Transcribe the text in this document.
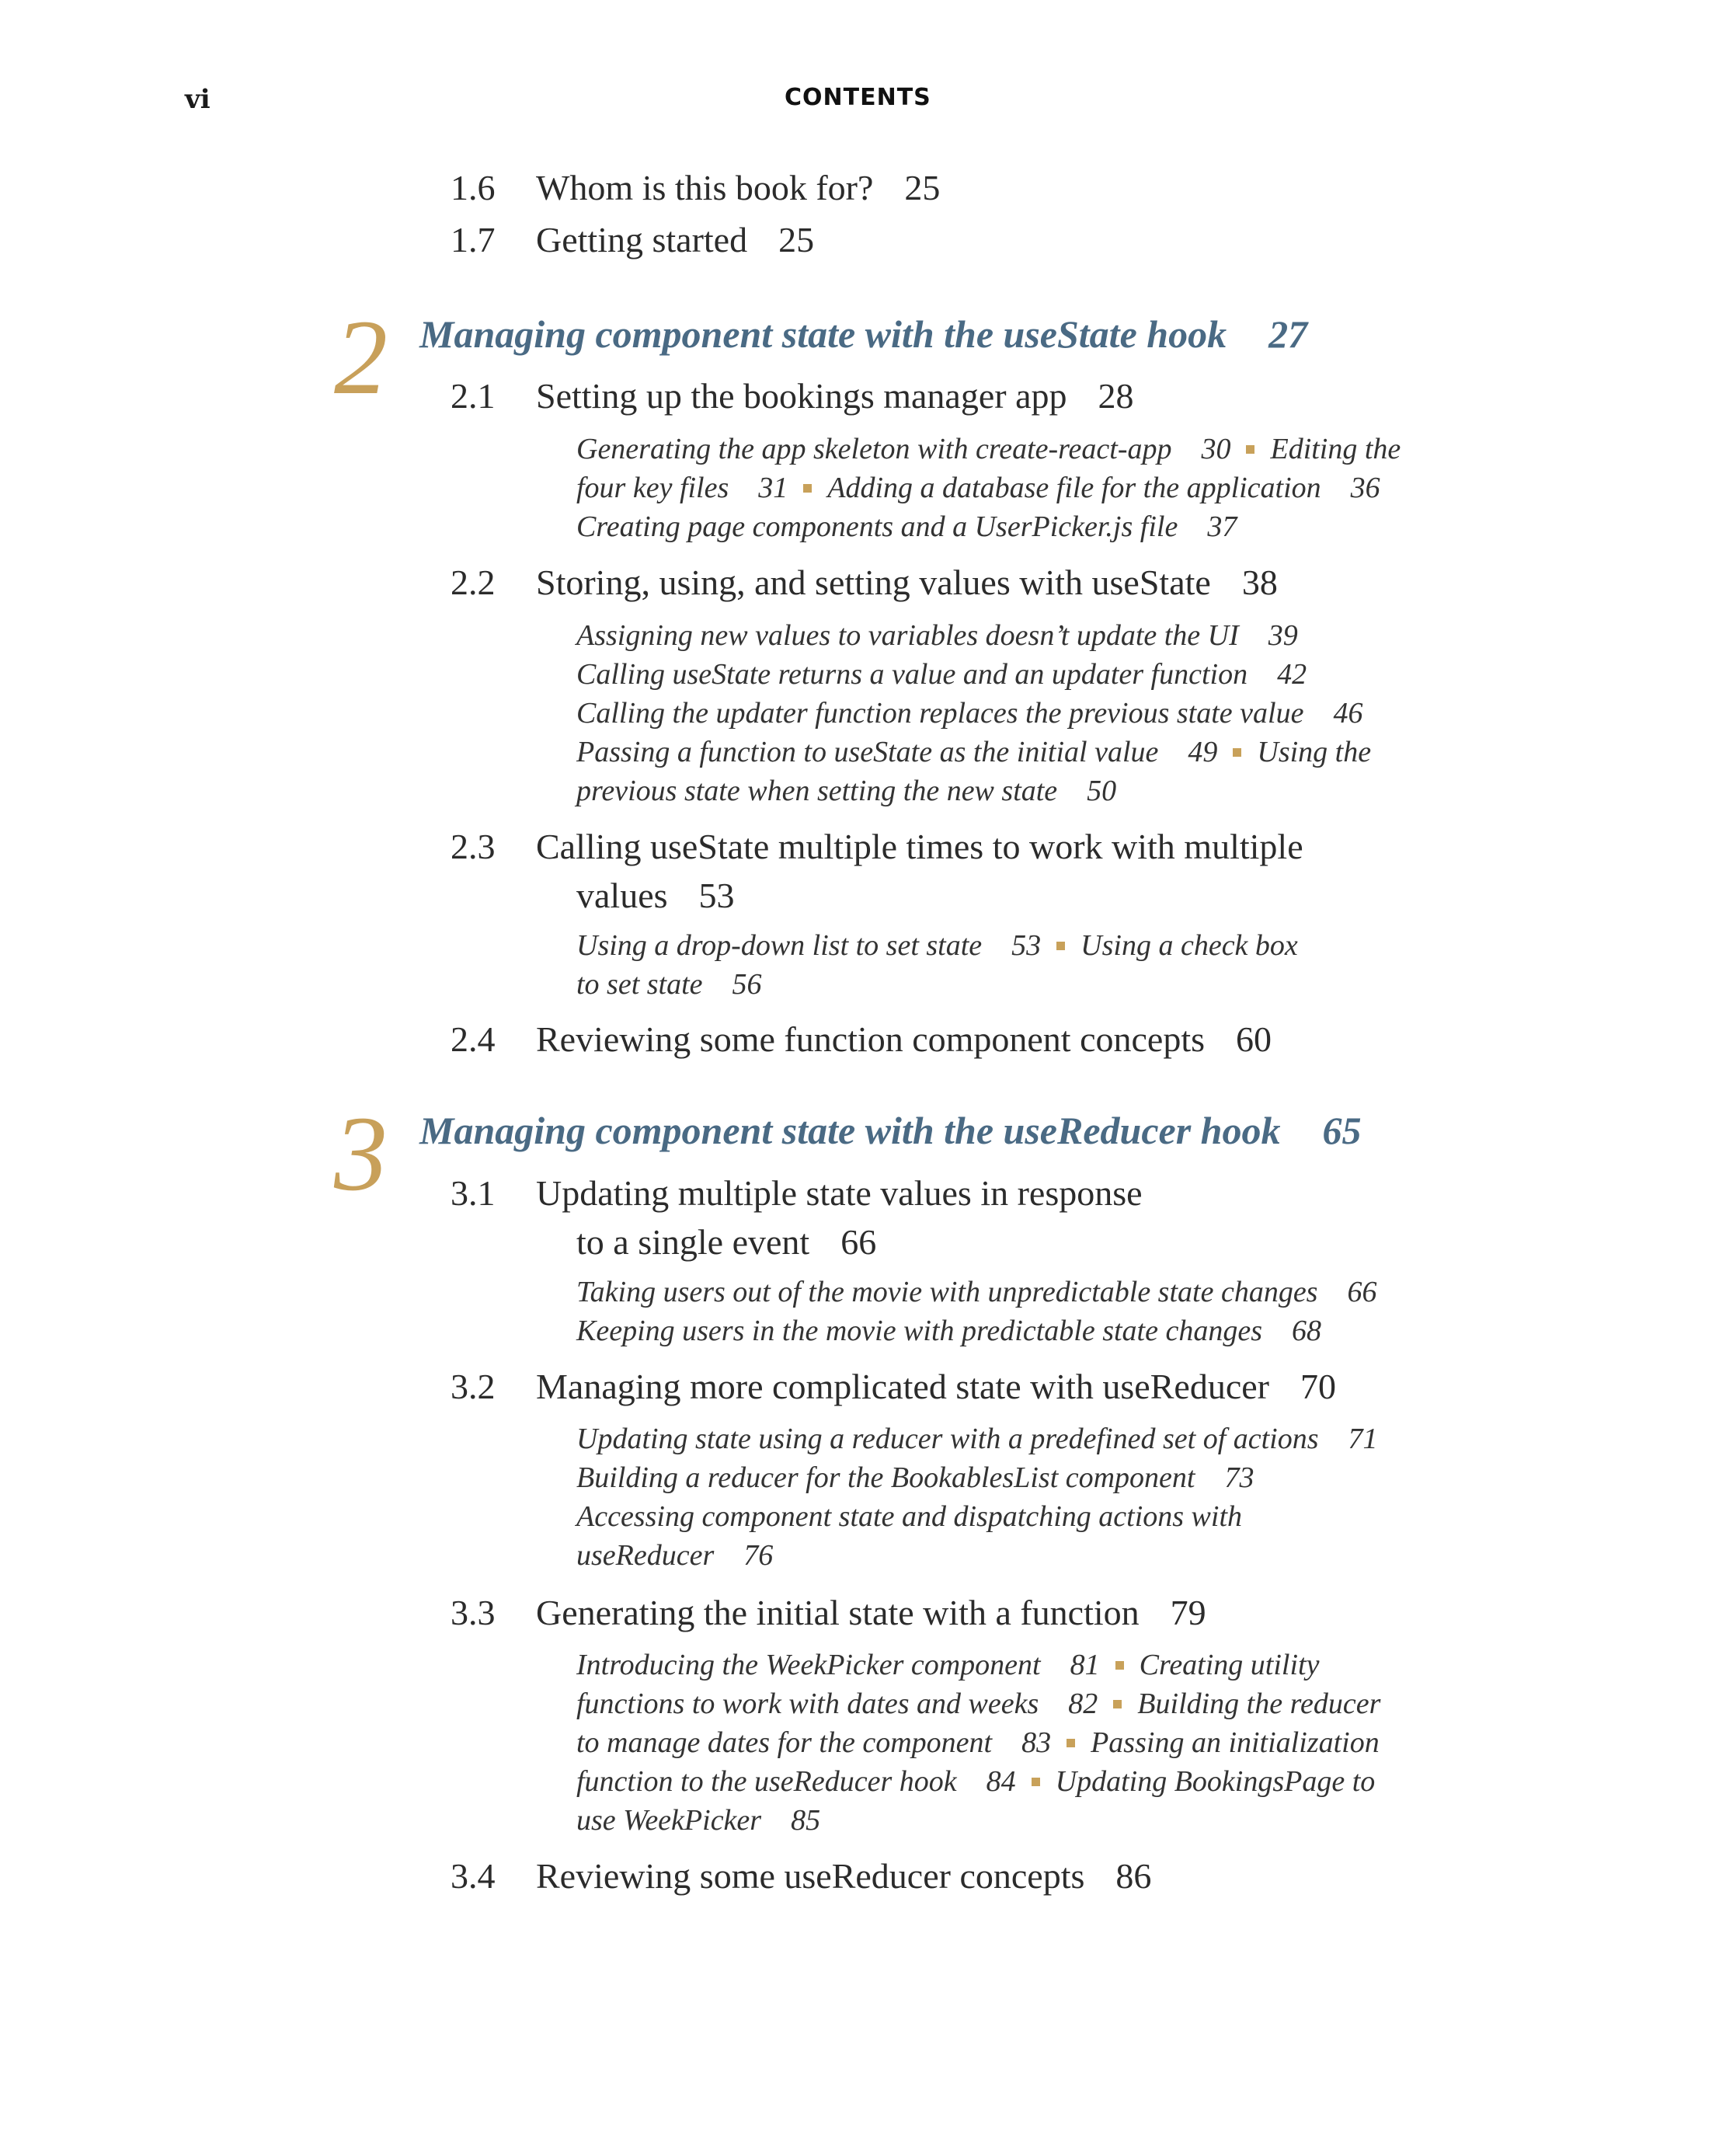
vi	CONTENTS
1.6 Whom is this book for? 25
1.7 Getting started 25
2 Managing component state with the useState hook 27
2.1 Setting up the bookings manager app 28
Generating the app skeleton with create-react-app 30 Editing the
four key files 31 Adding a database file for the application 36
Creating page components and a UserPicker.js file 37
2.2 Storing, using, and setting values with useState 38
Assigning new values to variables doesn’t update the UI 39
Calling useState returns a value and an updater function 42
Calling the updater function replaces the previous state value 46
Passing a function to useState as the initial value 49 Using the
previous state when setting the new state 50
2.3 Calling useState multiple times to work with multiple
values 53
Using a drop-down list to set state 53 Using a check box
to set state 56
2.4 Reviewing some function component concepts 60
3 Managing component state with the useReducer hook 65
3.1 Updating multiple state values in response
to a single event 66
Taking users out of the movie with unpredictable state changes 66
Keeping users in the movie with predictable state changes 68
3.2 Managing more complicated state with useReducer 70
Updating state using a reducer with a predefined set of actions 71
Building a reducer for the BookablesList component 73
Accessing component state and dispatching actions with
useReducer 76
3.3 Generating the initial state with a function 79
Introducing the WeekPicker component 81 Creating utility
functions to work with dates and weeks 82 Building the reducer
to manage dates for the component 83 Passing an initialization
function to the useReducer hook 84 Updating BookingsPage to
use WeekPicker 85
3.4 Reviewing some useReducer concepts 86
